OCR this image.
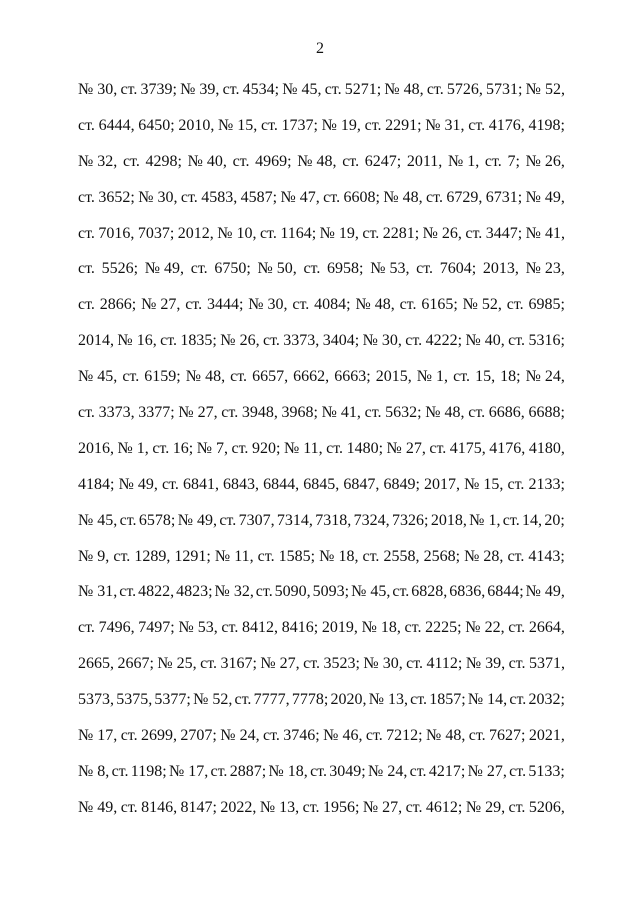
2
№ 30, ст. 3739; № 39, ст. 4534; № 45, ст. 5271; № 48, ст. 5726, 5731; № 52,
ст. 6444, 6450; 2010, № 15, ст. 1737; № 19, ст. 2291; № 31, ст. 4176, 4198;
№ 32, ст. 4298; № 40, ст. 4969; № 48, ст. 6247; 2011, № 1, ст. 7; № 26,
ст. 3652; № 30, ст. 4583, 4587; № 47, ст. 6608; № 48, ст. 6729, 6731; № 49,
ст. 7016, 7037; 2012, № 10, ст. 1164; № 19, ст. 2281; № 26, ст. 3447; № 41,
ст. 5526; № 49, ст. 6750; № 50, ст. 6958; № 53, ст. 7604; 2013, № 23,
ст. 2866; № 27, ст. 3444; № 30, ст. 4084; № 48, ст. 6165; № 52, ст. 6985;
2014, № 16, ст. 1835; № 26, ст. 3373, 3404; № 30, ст. 4222; № 40, ст. 5316;
№ 45, ст. 6159; № 48, ст. 6657, 6662, 6663; 2015, № 1, ст. 15, 18; № 24,
ст. 3373, 3377; № 27, ст. 3948, 3968; № 41, ст. 5632; № 48, ст. 6686, 6688;
2016, № 1, ст. 16; № 7, ст. 920; № 11, ст. 1480; № 27, ст. 4175, 4176, 4180,
4184; № 49, ст. 6841, 6843, 6844, 6845, 6847, 6849; 2017, № 15, ст. 2133;
№ 45, ст. 6578; № 49, ст. 7307, 7314, 7318, 7324, 7326; 2018, № 1, ст. 14, 20;
№ 9, ст. 1289, 1291; № 11, ст. 1585; № 18, ст. 2558, 2568; № 28, ст. 4143;
№ 31, ст. 4822, 4823; № 32, ст. 5090, 5093; № 45, ст. 6828, 6836, 6844; № 49,
ст. 7496, 7497; № 53, ст. 8412, 8416; 2019, № 18, ст. 2225; № 22, ст. 2664,
2665, 2667; № 25, ст. 3167; № 27, ст. 3523; № 30, ст. 4112; № 39, ст. 5371,
5373, 5375, 5377; № 52, ст. 7777, 7778; 2020, № 13, ст. 1857; № 14, ст. 2032;
№ 17, ст. 2699, 2707; № 24, ст. 3746; № 46, ст. 7212; № 48, ст. 7627; 2021,
№ 8, ст. 1198; № 17, ст. 2887; № 18, ст. 3049; № 24, ст. 4217; № 27, ст. 5133;
№ 49, ст. 8146, 8147; 2022, № 13, ст. 1956; № 27, ст. 4612; № 29, ст. 5206,
